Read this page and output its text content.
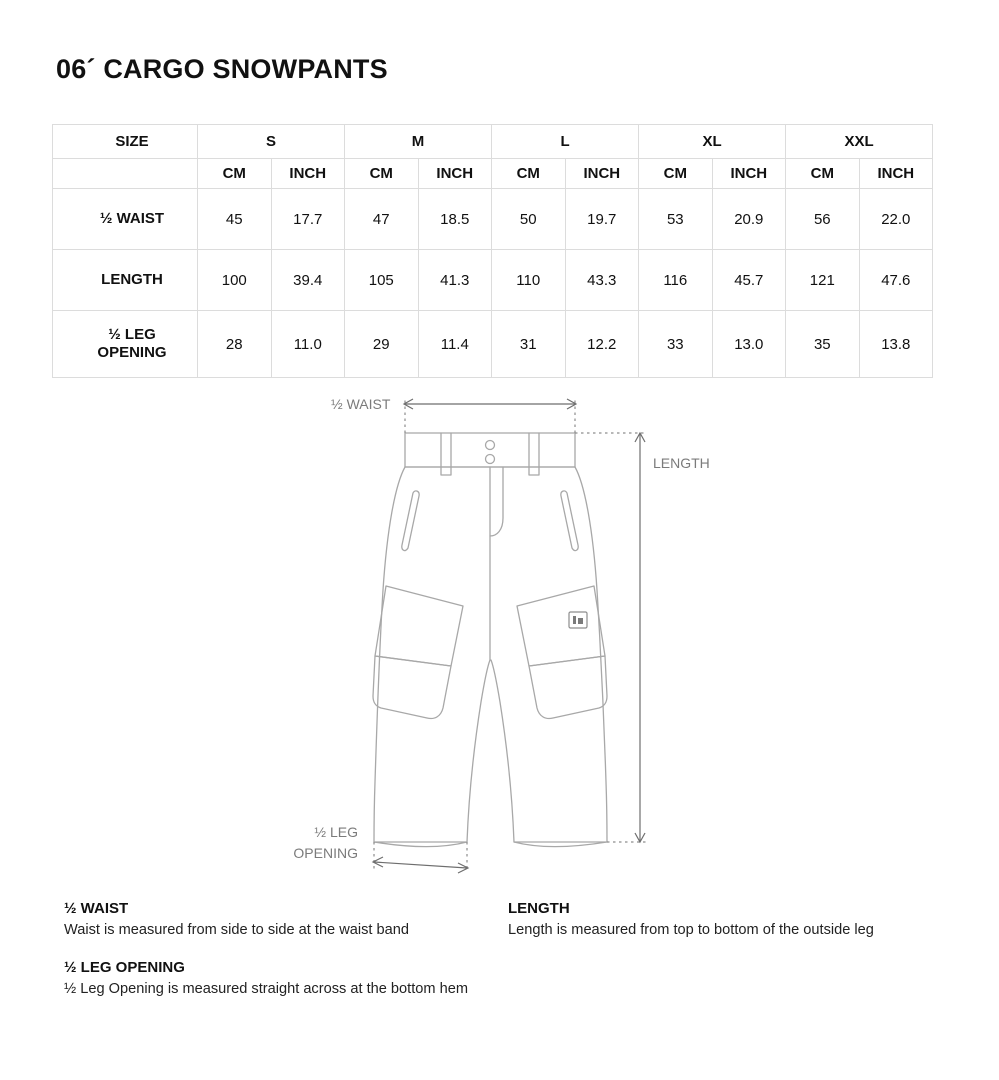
06´ CARGO SNOWPANTS
SIZE	S		M		L		XL		XXL	
	CM	INCH	CM	INCH	CM	INCH	CM	INCH	CM	INCH
½ WAIST	45	17.7	47	18.5	50	19.7	53	20.9	56	22.0
LENGTH	100	39.4	105	41.3	110	43.3	116	45.7	121	47.6
½ LEG
OPENING	28	11.0	29	11.4	31	12.2	33	13.0	35	13.8
½ WAIST
LENGTH
½ LEG
OPENING
½ WAIST
Waist is measured from side to side at the waist band
½ LEG OPENING
½ Leg Opening is measured straight across at the bottom hem
LENGTH
Length is measured from top to bottom of the outside leg
